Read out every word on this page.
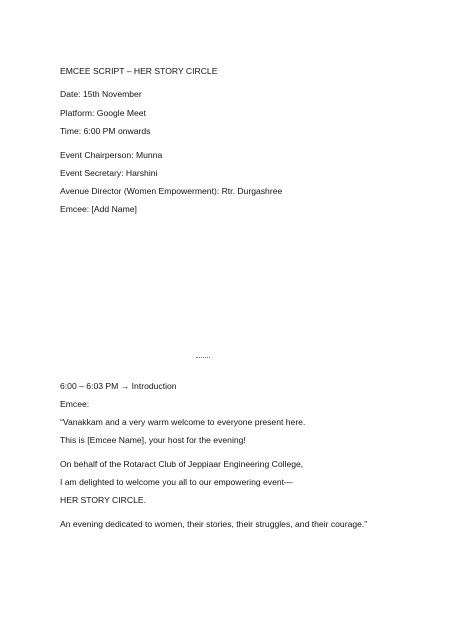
EMCEE SCRIPT – HER STORY CIRCLE
Date: 15th November
Platform: Google Meet
Time: 6:00 PM onwards
Event Chairperson: Munna
Event Secretary: Harshini
Avenue Director (Women Empowerment): Rtr. Durgashree
Emcee: [Add Name]
6:00 – 6:03 PM → Introduction
Emcee:
“Vanakkam and a very warm welcome to everyone present here.
This is [Emcee Name], your host for the evening!
On behalf of the Rotaract Club of Jeppiaar Engineering College,
I am delighted to welcome you all to our empowering event—
HER STORY CIRCLE.
An evening dedicated to women, their stories, their struggles, and their courage.”
